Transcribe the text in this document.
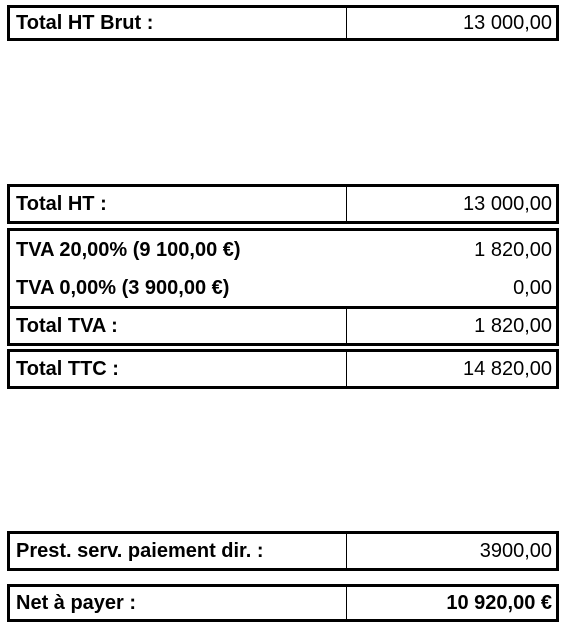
Total HT Brut :	13 000,00
Total HT :	13 000,00
TVA 20,00% (9 100,00 €)	1 820,00
TVA 0,00% (3 900,00 €)	0,00
Total TVA :	1 820,00
Total TTC :	14 820,00
Prest. serv. paiement dir. :	3900,00
Net à payer :	10 920,00 €
